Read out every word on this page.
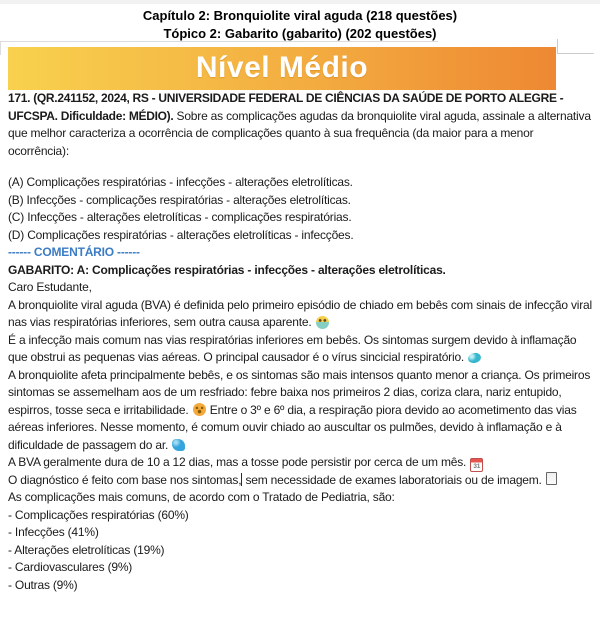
Capítulo 2: Bronquiolite viral aguda (218 questões)
Tópico 2: Gabarito (gabarito) (202 questões)
Nível Médio

171. (QR.241152, 2024, RS - UNIVERSIDADE FEDERAL DE CIÊNCIAS DA SAÚDE DE PORTO ALEGRE - UFCSPA. Dificuldade: MÉDIO). Sobre as complicações agudas da bronquiolite viral aguda, assinale a alternativa que melhor caracteriza a ocorrência de complicações quanto à sua frequência (da maior para a menor ocorrência):

(A) Complicações respiratórias - infecções - alterações eletrolíticas.

(B) Infecções - complicações respiratórias - alterações eletrolíticas.

(C) Infecções - alterações eletrolíticas - complicações respiratórias.

(D) Complicações respiratórias - alterações eletrolíticas - infecções.

------ COMENTÁRIO ------

GABARITO: A: Complicações respiratórias - infecções - alterações eletrolíticas.

Caro Estudante,

A bronquiolite viral aguda (BVA) é definida pelo primeiro episódio de chiado em bebês com sinais de infecção viral nas vias respiratórias inferiores, sem outra causa aparente.

É a infecção mais comum nas vias respiratórias inferiores em bebês. Os sintomas surgem devido à inflamação que obstrui as pequenas vias aéreas. O principal causador é o vírus sincicial respiratório.

A bronquiolite afeta principalmente bebês, e os sintomas são mais intensos quanto menor a criança. Os primeiros sintomas se assemelham aos de um resfriado: febre baixa nos primeiros 2 dias, coriza clara, nariz entupido, espirros, tosse seca e irritabilidade.  Entre o 3º e 6º dia, a respiração piora devido ao acometimento das vias aéreas inferiores. Nesse momento, é comum ouvir chiado ao auscultar os pulmões, devido à inflamação e à dificuldade de passagem do ar.

A BVA geralmente dura de 10 a 12 dias, mas a tosse pode persistir por cerca de um mês. 31

O diagnóstico é feito com base nos sintomas, sem necessidade de exames laboratoriais ou de imagem.

As complicações mais comuns, de acordo com o Tratado de Pediatria, são:

- Complicações respiratórias (60%)

- Infecções (41%)

- Alterações eletrolíticas (19%)

- Cardiovasculares (9%)

- Outras (9%)
